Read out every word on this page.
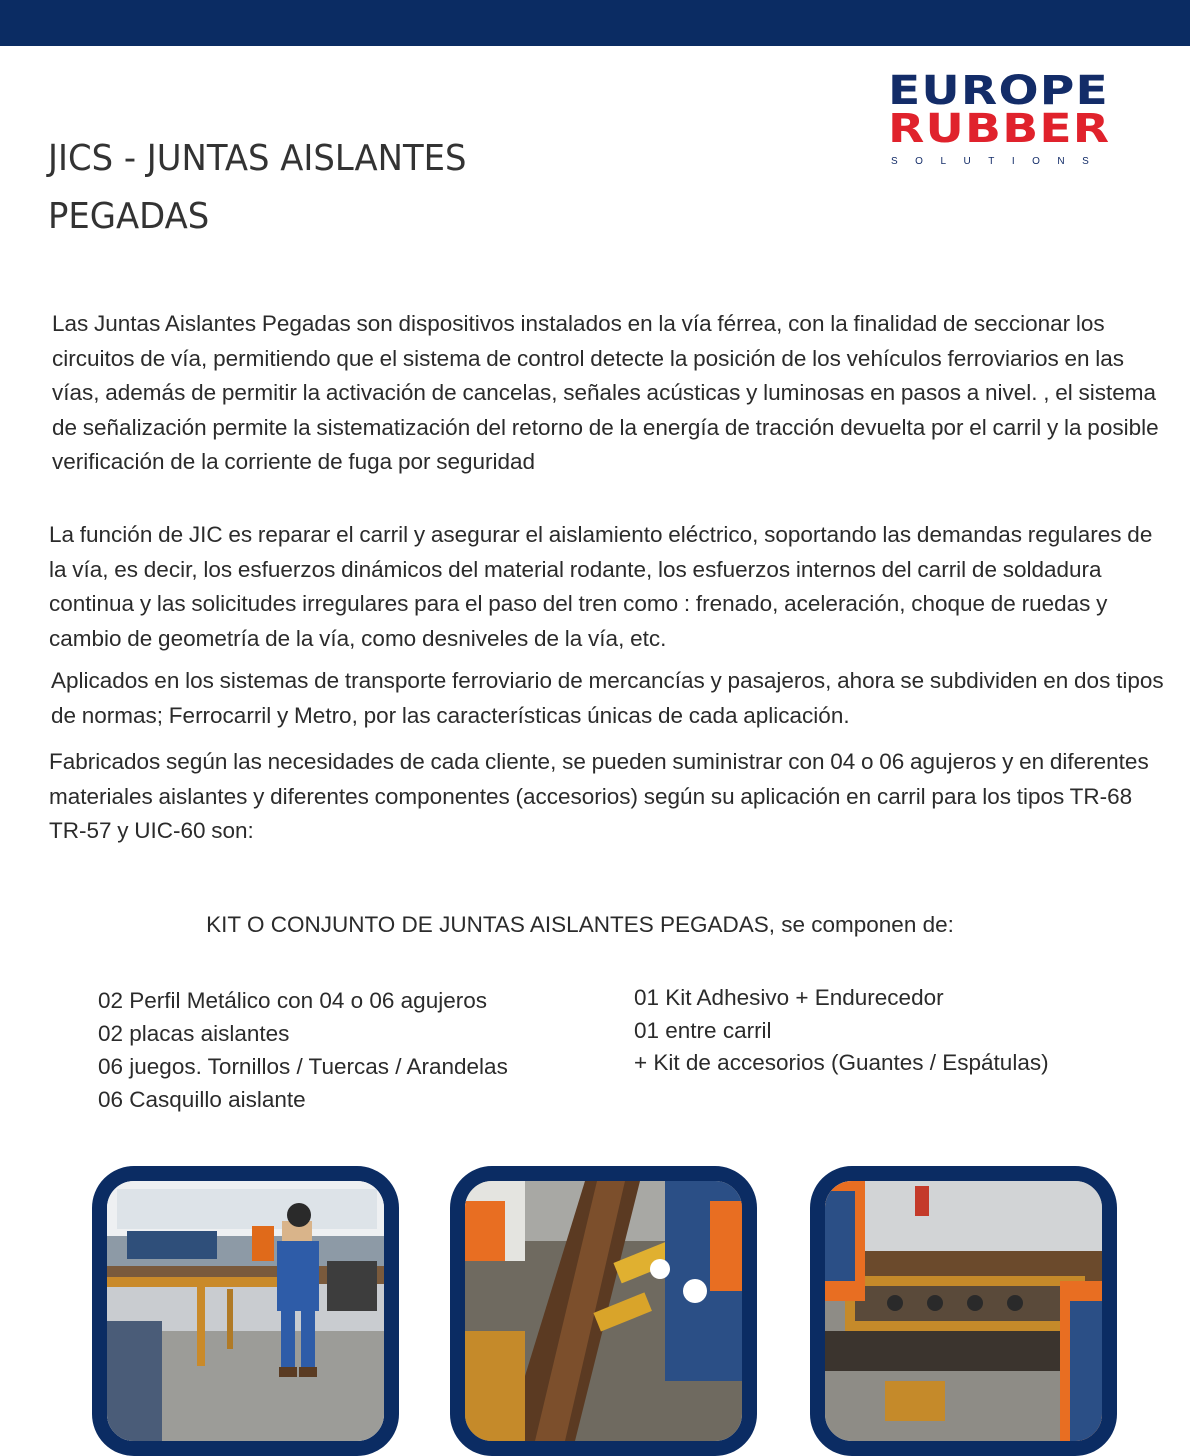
EUROPE
RUBBER
SOLUTIONS
JICS - JUNTAS AISLANTES PEGADAS

Las Juntas Aislantes Pegadas son dispositivos instalados en la vía férrea, con la finalidad de seccionar los circuitos de vía, permitiendo que el sistema de control detecte la posición de los vehículos ferroviarios en las vías, además de permitir la activación de cancelas, señales acústicas y luminosas en pasos a nivel. , el sistema de señalización permite la sistematización del retorno de la energía de tracción devuelta por el carril y la posible verificación de la corriente de fuga por seguridad

La función de JIC es reparar el carril y asegurar el aislamiento eléctrico, soportando las demandas regulares de la vía, es decir, los esfuerzos dinámicos del material rodante, los esfuerzos internos del carril de soldadura continua y las solicitudes irregulares para el paso del tren como : frenado, aceleración, choque de ruedas y cambio de geometría de la vía, como desniveles de la vía, etc.

Aplicados en los sistemas de transporte ferroviario de mercancías y pasajeros, ahora se subdividen en dos tipos de normas; Ferrocarril y Metro, por las características únicas de cada aplicación.

Fabricados según las necesidades de cada cliente, se pueden suministrar con 04 o 06 agujeros y en diferentes materiales aislantes y diferentes componentes (accesorios) según su aplicación en carril para los tipos TR-68 TR-57 y UIC-60 son:

KIT O CONJUNTO DE JUNTAS AISLANTES PEGADAS, se componen de:
02 Perfil Metálico con 04 o 06 agujeros
02 placas aislantes
06 juegos. Tornillos / Tuercas / Arandelas
06 Casquillo aislante
01 Kit Adhesivo + Endurecedor
01 entre carril
+ Kit de accesorios (Guantes / Espátulas)
